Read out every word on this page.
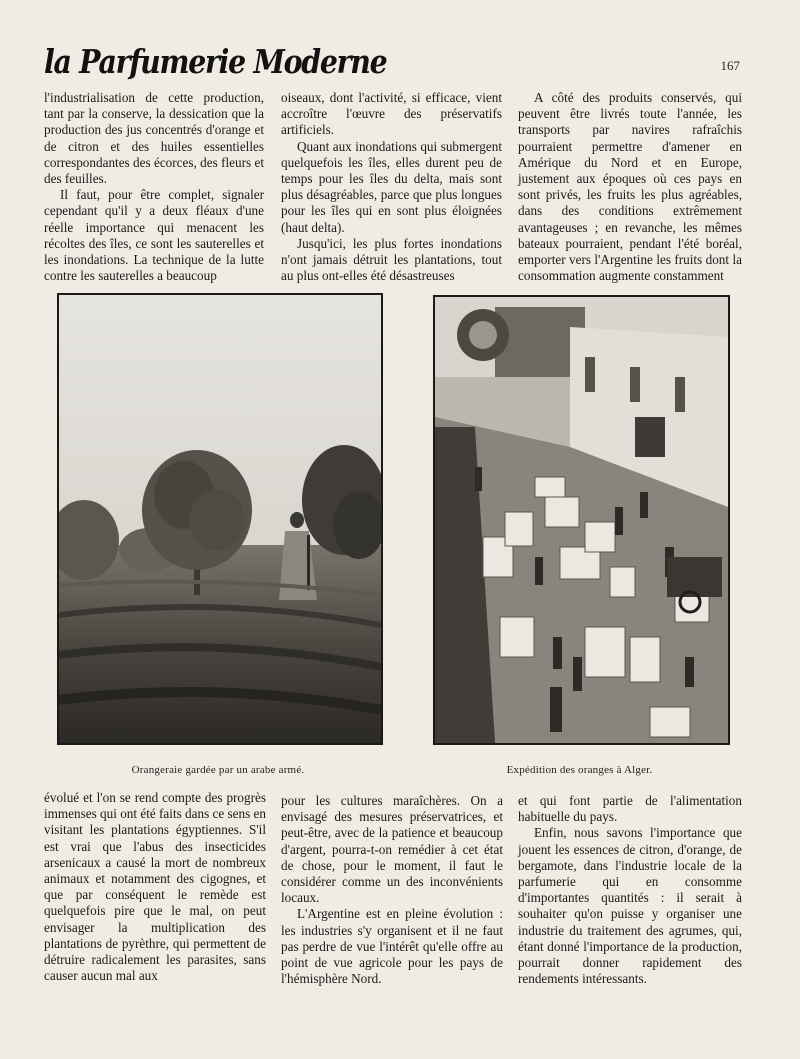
la Parfumerie Moderne	167

l'industrialisation de cette production, tant par la conserve, la dessication que la production des jus concentrés d'orange et de citron et des huiles essentielles correspondantes des écorces, des fleurs et des feuilles.

Il faut, pour être complet, signaler cependant qu'il y a deux fléaux d'une réelle importance qui menacent les récoltes des îles, ce sont les sauterelles et les inondations. La technique de la lutte contre les sauterelles a beaucoup

oiseaux, dont l'activité, si efficace, vient accroître l'œuvre des préservatifs artificiels.

Quant aux inondations qui submergent quelquefois les îles, elles durent peu de temps pour les îles du delta, mais sont plus désagréables, parce que plus longues pour les îles qui en sont plus éloignées (haut delta).

Jusqu'ici, les plus fortes inondations n'ont jamais détruit les plantations, tout au plus ont-elles été désastreuses

A côté des produits conservés, qui peuvent être livrés toute l'année, les transports par navires rafraîchis pourraient permettre d'amener en Amérique du Nord et en Europe, justement aux époques où ces pays en sont privés, les fruits les plus agréables, dans des conditions extrêmement avantageuses ; en revanche, les mêmes bateaux pourraient, pendant l'été boréal, emporter vers l'Argentine les fruits dont la consommation augmente constamment

Orangeraie gardée par un arabe armé.	Expédition des oranges à Alger.

évolué et l'on se rend compte des progrès immenses qui ont été faits dans ce sens en visitant les plantations égyptiennes. S'il est vrai que l'abus des insecticides arsenicaux a causé la mort de nombreux animaux et notamment des cigognes, et que par conséquent le remède est quelquefois pire que le mal, on peut envisager la multiplication des plantations de pyrèthre, qui permettent de détruire radicalement les parasites, sans causer aucun mal aux

pour les cultures maraîchères. On a envisagé des mesures préservatrices, et peut-être, avec de la patience et beaucoup d'argent, pourra-t-on remédier à cet état de chose, pour le moment, il faut le considérer comme un des inconvénients locaux.

L'Argentine est en pleine évolution : les industries s'y organisent et il ne faut pas perdre de vue l'intérêt qu'elle offre au point de vue agricole pour les pays de l'hémisphère Nord.

et qui font partie de l'alimentation habituelle du pays.

Enfin, nous savons l'importance que jouent les essences de citron, d'orange, de bergamote, dans l'industrie locale de la parfumerie qui en consomme d'importantes quantités : il serait à souhaiter qu'on puisse y organiser une industrie du traitement des agrumes, qui, étant donné l'importance de la production, pourrait donner rapidement des rendements intéressants.
